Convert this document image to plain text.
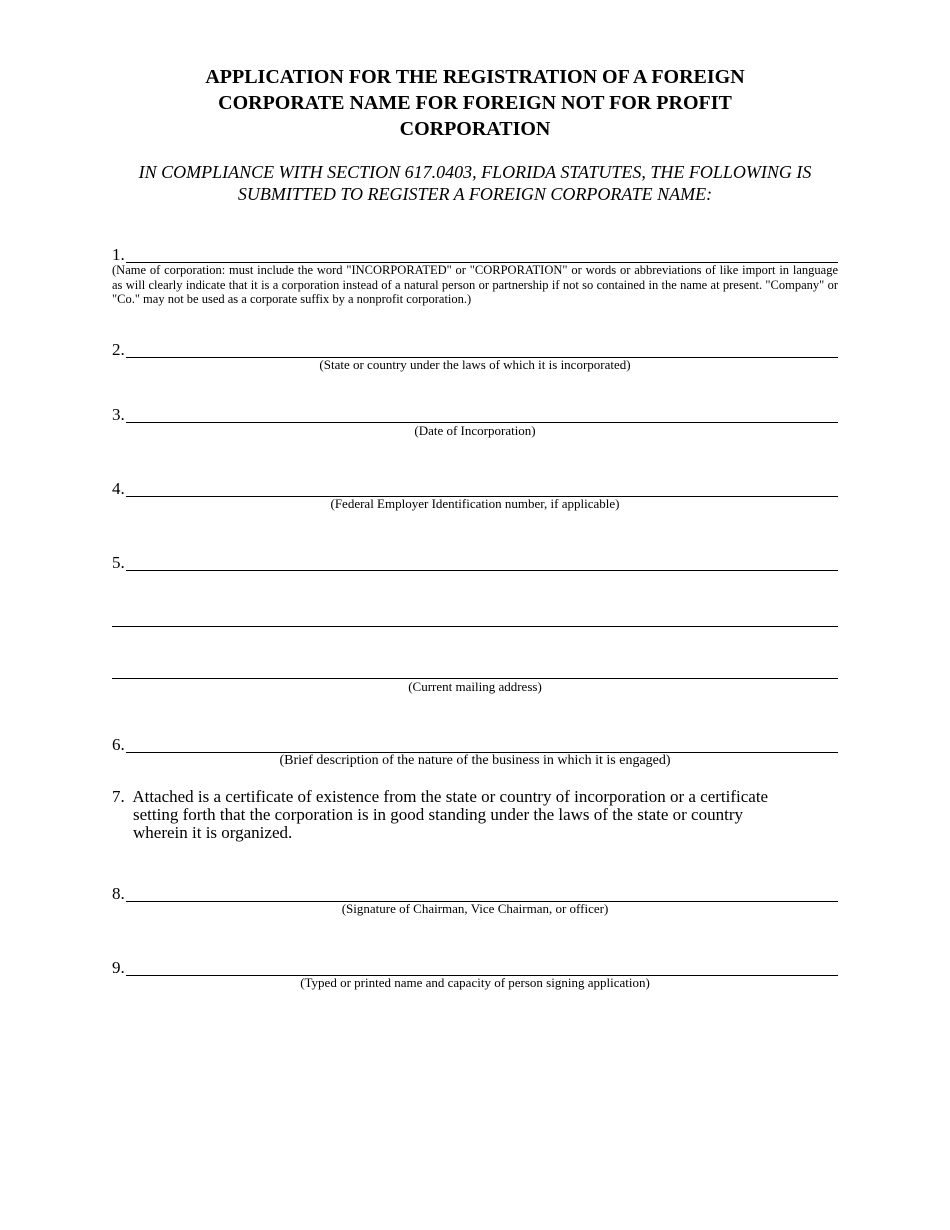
APPLICATION FOR THE REGISTRATION OF A FOREIGN
CORPORATE NAME FOR FOREIGN NOT FOR PROFIT
CORPORATION
IN COMPLIANCE WITH SECTION 617.0403, FLORIDA STATUTES, THE FOLLOWING IS
SUBMITTED TO REGISTER A FOREIGN CORPORATE NAME:
1.
(Name of corporation: must include the word "INCORPORATED" or "CORPORATION" or words or abbreviations of like import in language as will clearly indicate that it is a corporation instead of a natural person or partnership if not so contained in the name at present. "Company" or "Co." may not be used as a corporate suffix by a nonprofit corporation.)
2.
(State or country under the laws of which it is incorporated)
3.
(Date of Incorporation)
4.
(Federal Employer Identification number, if applicable)
5.
(Current mailing address)
6.
(Brief description of the nature of the business in which it is engaged)
7. Attached is a certificate of existence from the state or country of incorporation or a certificate
setting forth that the corporation is in good standing under the laws of the state or country
wherein it is organized.
8.
(Signature of Chairman, Vice Chairman, or officer)
9.
(Typed or printed name and capacity of person signing application)
